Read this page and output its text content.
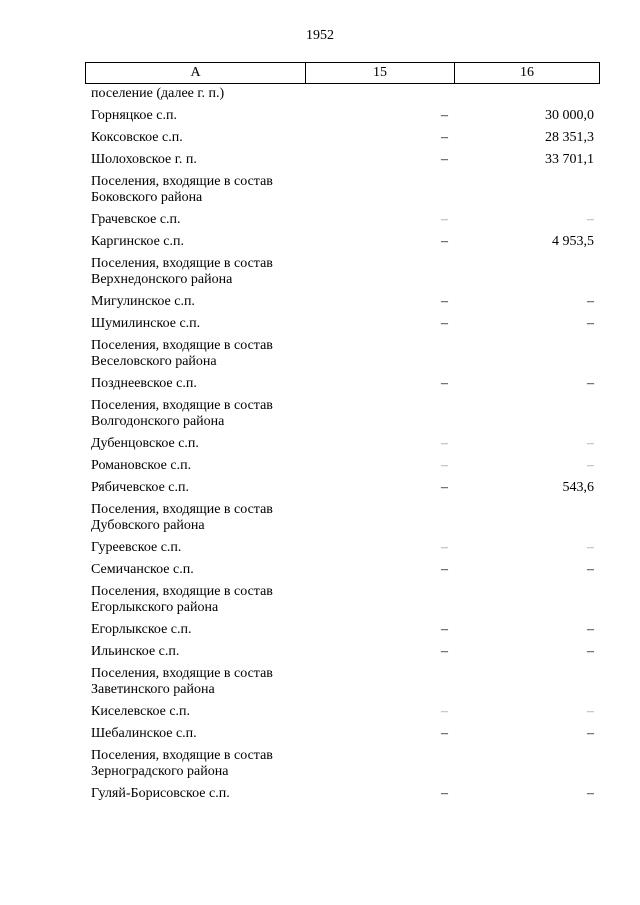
1952
А	15	16
поселение (далее г. п.)
Горняцкое с.п.	–	30 000,0
Коксовское с.п.	–	28 351,3
Шолоховское г. п.	–	33 701,1
Поселения, входящие в состав Боковского района
Грачевское с.п.	–	–
Каргинское с.п.	–	4 953,5
Поселения, входящие в состав Верхнедонского района
Мигулинское с.п.	–	–
Шумилинское с.п.	–	–
Поселения, входящие в состав Веселовского района
Позднеевское с.п.	–	–
Поселения, входящие в состав Волгодонского района
Дубенцовское с.п.	–	–
Романовское с.п.	–	–
Рябичевское с.п.	–	543,6
Поселения, входящие в состав Дубовского района
Гуреевское с.п.	–	–
Семичанское с.п.	–	–
Поселения, входящие в состав Егорлыкского района
Егорлыкское с.п.	–	–
Ильинское с.п.	–	–
Поселения, входящие в состав Заветинского района
Киселевское с.п.	–	–
Шебалинское с.п.	–	–
Поселения, входящие в состав Зерноградского района
Гуляй-Борисовское с.п.	–	–
